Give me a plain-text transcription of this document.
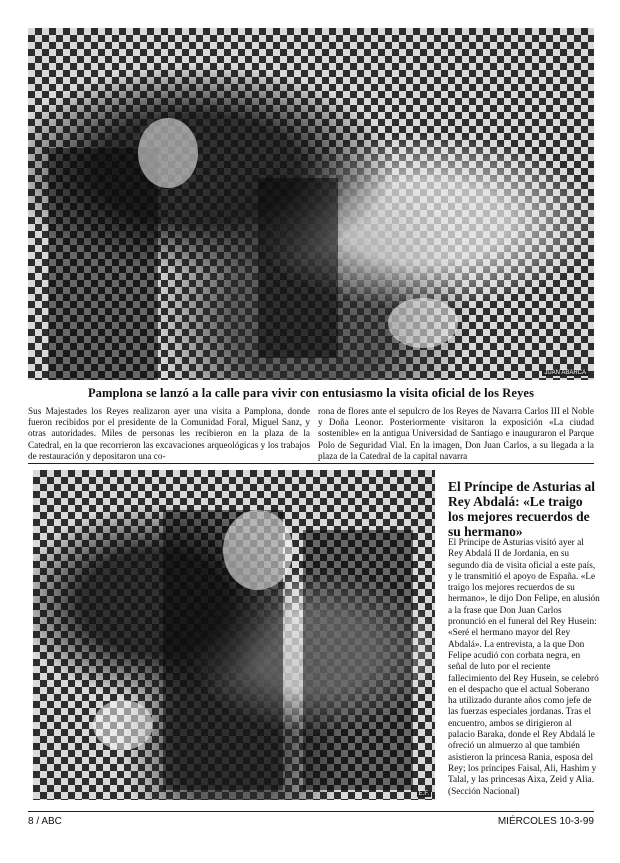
JUAN ABARCA
Pamplona se lanzó a la calle para vivir con entusiasmo la visita oficial de los Reyes

Sus Majestades los Reyes realizaron ayer una visita a Pamplona, donde fueron recibidos por el presidente de la Comunidad Foral, Miguel Sanz, y otras autoridades. Miles de personas les recibieron en la plaza de la Catedral, en la que recorrieron las excavaciones arqueológicas y los trabajos de restauración y depositaron una co-

rona de flores ante el sepulcro de los Reyes de Navarra Carlos III el Noble y Doña Leonor. Posteriormente visitaron la exposición «La ciudad sostenible» en la antigua Universidad de Santiago e inauguraron el Parque Polo de Seguridad Vial. En la imagen, Don Juan Carlos, a su llegada a la plaza de la Catedral de la capital navarra

E.F.
El Príncipe de Asturias al Rey Abdalá: «Le traigo los mejores recuerdos de su hermano»
El Príncipe de Asturias visitó ayer al Rey Abdalá II de Jordania, en su segundo día de visita oficial a este país, y le transmitió el apoyo de España. «Le traigo los mejores recuerdos de su hermano», le dijo Don Felipe, en alusión a la frase que Don Juan Carlos pronunció en el funeral del Rey Husein: «Seré el hermano mayor del Rey Abdalá». La entrevista, a la que Don Felipe acudió con corbata negra, en señal de luto por el reciente fallecimiento del Rey Husein, se celebró en el despacho que el actual Soberano ha utilizado durante años como jefe de las fuerzas especiales jordanas. Tras el encuentro, ambos se dirigieron al palacio Baraka, donde el Rey Abdalá le ofreció un almuerzo al que también asistieron la princesa Rania, esposa del Rey; los príncipes Faisal, Ali, Hashim y Talal, y las princesas Aixa, Zeid y Alia. (Sección Nacional)
8 / ABC	MIÉRCOLES 10-3-99
